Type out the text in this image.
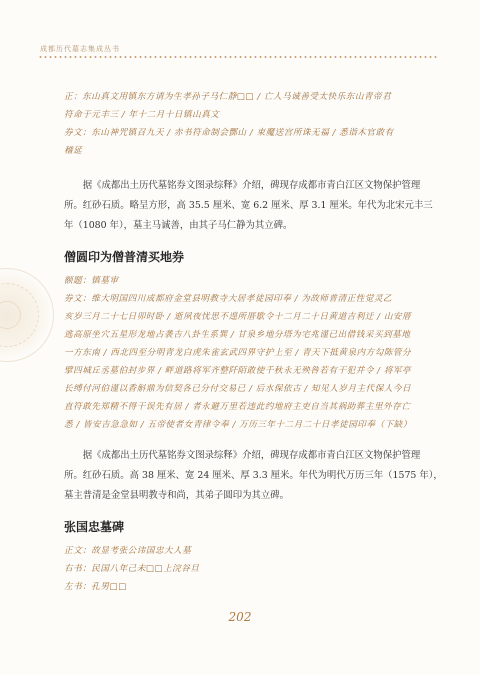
成都历代墓志集成丛书
正：东山真文用镇东方请为生孝孙子马仁静□□ / 亡人马诚善受太快乐东山青帝君
符命于元丰三 / 年十二月十日镇山真文
券文：东山神咒镇召九天 / 赤书符命制会酆山 / 束魔送宫所诛无福 / 悉诣木官敢有
稽延
据《成都出土历代墓铭券文图录综释》介绍，碑现存成都市青白江区文物保护管理
所。红砂石质。略呈方形，高 35.5 厘米、宽 6.2 厘米、厚 3.1 厘米。年代为北宋元丰三
年（1080 年），墓主马诚善，由其子马仁静为其立碑。
僧圆印为僧普清买地券
额题：镇墓审
券文：维大明国四川成都府金堂县明教寺大居孝徒园印奉 / 为故师普清正性觉灵乙
亥岁三月二十七日卯时卧 / 逝夙夜忧思不遑所厝歇令十二月二十日黄道吉利迁 / 山安厝
逃高原坐穴五星形龙地占袭吉八卦生系巽 / 甘泉乡地分塔为宅兆谨已出借钱采买到墓地
一方东南 / 西北四至分明青龙白虎朱雀玄武四界守护上至 / 青天下抵黄泉内方勾陈管分
擘四城丘丞墓伯封步界 / 畔道路将军齐整阡陌敢使千秋永无殃咎若有干犯并令 / 将军亭
长缚付河伯谨以香斛鼎为信契各已分付交易已 / 后水保依古 / 知见人岁月主代保人今日
直符敢先郑精不得干误先有居 / 者永避万里若违此约地府主吏自当其祸助葬主里外存亡
悉 / 皆安吉急急如 / 五帝使者女青律令奉 / 万历三年十二月二十日孝徒园印奉（下缺）
据《成都出土历代墓铭券文图录综释》介绍，碑现存成都市青白江区文物保护管理
所。红砂石质。高 38 厘米、宽 24 厘米、厚 3.3 厘米。年代为明代万历三年（1575 年），
墓主普清是金堂县明教寺和尚，其弟子圆印为其立碑。
张国忠墓碑
正文：故显考张公讳国忠大人墓
右书：民国八年己未□□上浣谷旦
左书：孔男□□
202
